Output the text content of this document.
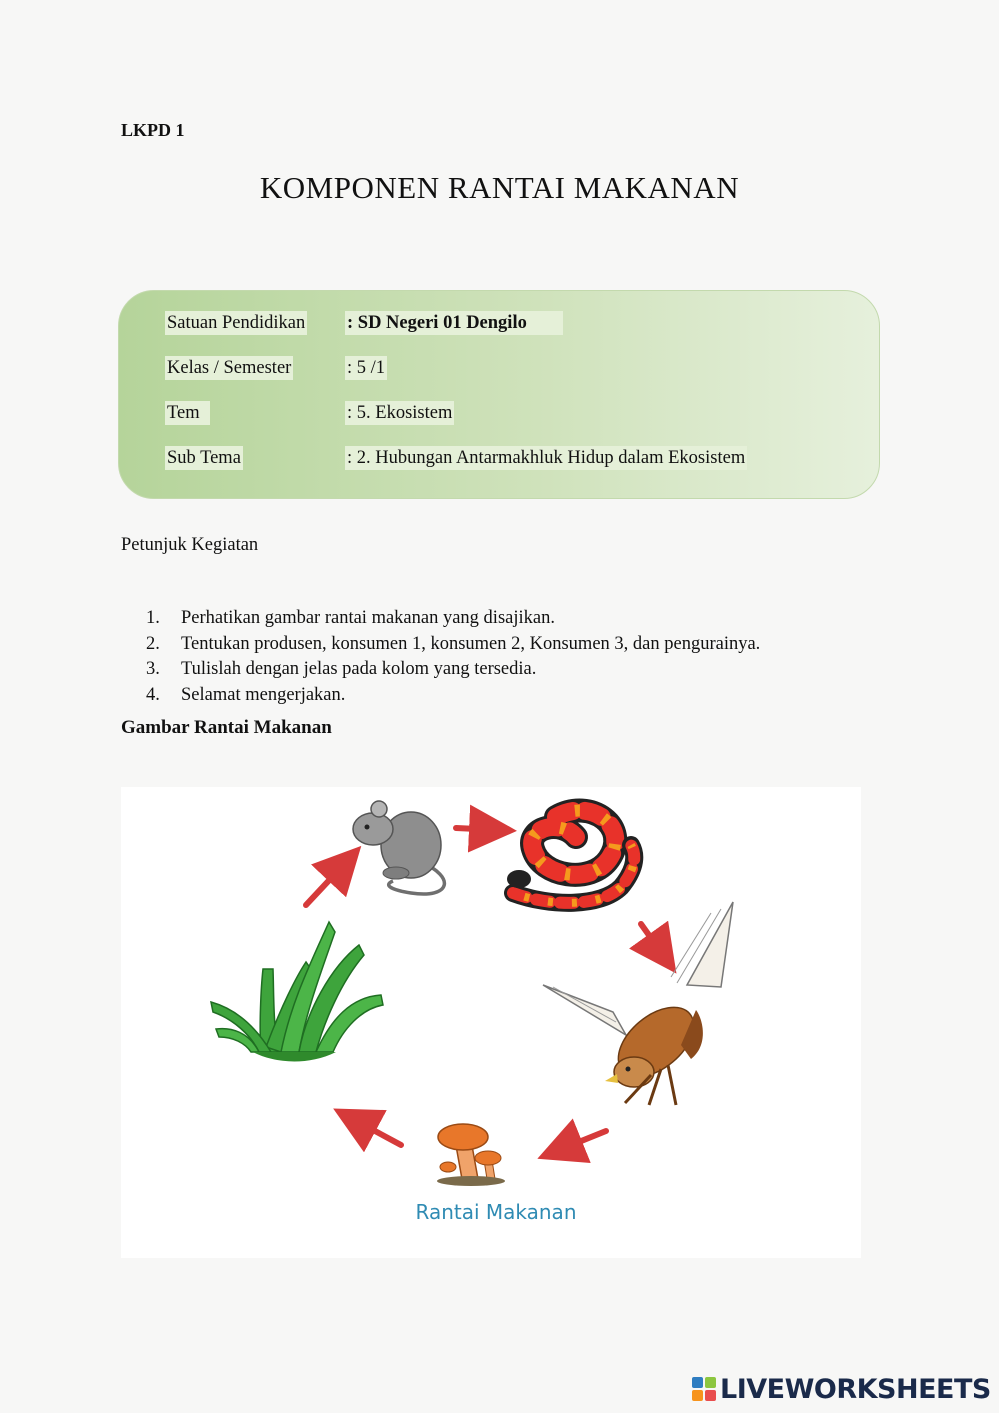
LKPD 1
KOMPONEN RANTAI MAKANAN
Satuan Pendidikan : SD Negeri 01 Dengilo
Kelas / Semester	: 5 /1
Tem	: 5. Ekosistem
Sub Tema	: 2. Hubungan Antarmakhluk Hidup dalam Ekosistem
Petunjuk Kegiatan
1. Perhatikan gambar rantai makanan yang disajikan.
2. Tentukan produsen, konsumen 1, konsumen 2, Konsumen 3, dan pengurainya.
3. Tulislah dengan jelas pada kolom yang tersedia.
4. Selamat mengerjakan.
Gambar Rantai Makanan
Rantai Makanan
LIVEWORKSHEETS
